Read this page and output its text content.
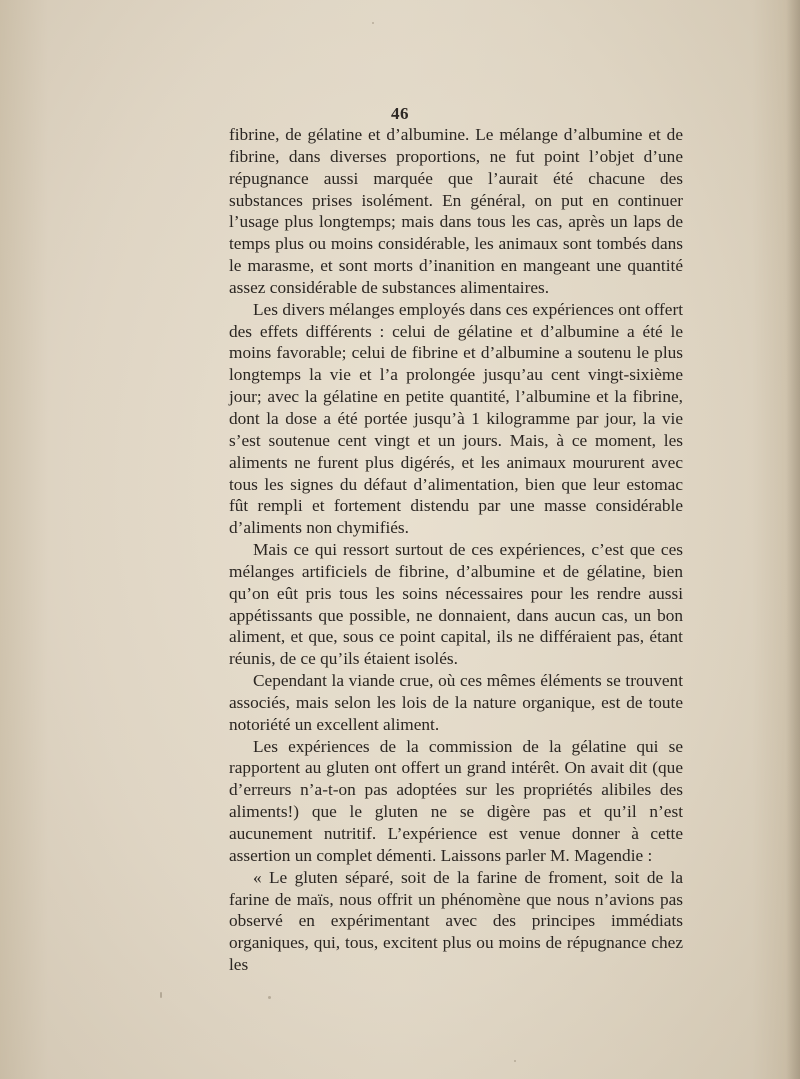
46

fibrine, de gélatine et d’albumine. Le mélange d’albumine et de fibrine, dans diverses proportions, ne fut point l’objet d’une répugnance aussi marquée que l’aurait été chacune des substances prises isolément. En général, on put en continuer l’usage plus longtemps; mais dans tous les cas, après un laps de temps plus ou moins considérable, les animaux sont tombés dans le marasme, et sont morts d’inanition en mangeant une quantité assez considérable de substances alimentaires.

Les divers mélanges employés dans ces expériences ont offert des effets différents : celui de gélatine et d’albumine a été le moins favorable; celui de fibrine et d’albumine a soutenu le plus longtemps la vie et l’a prolongée jusqu’au cent vingt-sixième jour; avec la gélatine en petite quantité, l’albumine et la fibrine, dont la dose a été portée jusqu’à 1 kilogramme par jour, la vie s’est soutenue cent vingt et un jours. Mais, à ce moment, les aliments ne furent plus digérés, et les animaux moururent avec tous les signes du défaut d’alimentation, bien que leur estomac fût rempli et fortement distendu par une masse considérable d’aliments non chymifiés.

Mais ce qui ressort surtout de ces expériences, c’est que ces mélanges artificiels de fibrine, d’albumine et de gélatine, bien qu’on eût pris tous les soins nécessaires pour les rendre aussi appétissants que possible, ne donnaient, dans aucun cas, un bon aliment, et que, sous ce point capital, ils ne différaient pas, étant réunis, de ce qu’ils étaient isolés.

Cependant la viande crue, où ces mêmes éléments se trouvent associés, mais selon les lois de la nature organique, est de toute notoriété un excellent aliment.

Les expériences de la commission de la gélatine qui se rapportent au gluten ont offert un grand intérêt. On avait dit (que d’erreurs n’a-t-on pas adoptées sur les propriétés alibiles des aliments!) que le gluten ne se digère pas et qu’il n’est aucunement nutritif. L’expérience est venue donner à cette assertion un complet démenti. Laissons parler M. Magendie :

« Le gluten séparé, soit de la farine de froment, soit de la farine de maïs, nous offrit un phénomène que nous n’avions pas observé en expérimentant avec des principes immédiats organiques, qui, tous, excitent plus ou moins de répugnance chez les
